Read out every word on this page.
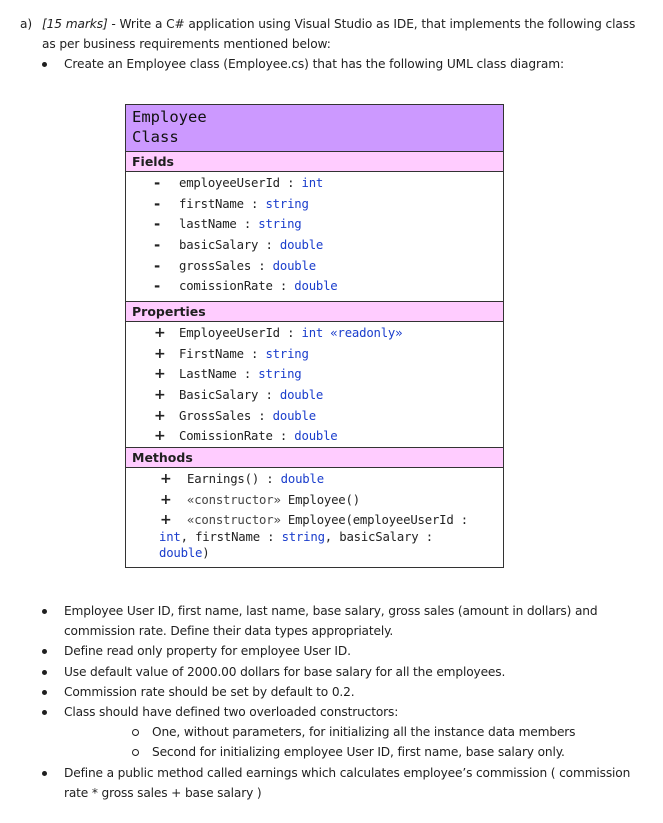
a) [15 marks] - Write a C# application using Visual Studio as IDE, that implements the following class
as per business requirements mentioned below:
Create an Employee class (Employee.cs) that has the following UML class diagram:
Employee
Class
Fields
- employeeUserId : int
- firstName : string
- lastName : string
- basicSalary : double
- grossSales : double
- comissionRate : double
Properties
+ EmployeeUserId : int «readonly»
+ FirstName : string
+ LastName : string
+ BasicSalary : double
+ GrossSales : double
+ ComissionRate : double
Methods
+ Earnings() : double
+ «constructor» Employee()
+ «constructor» Employee(employeeUserId :
int, firstName : string, basicSalary :
double)
Employee User ID, first name, last name, base salary, gross sales (amount in dollars) and
commission rate. Define their data types appropriately.
Define read only property for employee User ID.
Use default value of 2000.00 dollars for base salary for all the employees.
Commission rate should be set by default to 0.2.
Class should have defined two overloaded constructors:
One, without parameters, for initializing all the instance data members
Second for initializing employee User ID, first name, base salary only.
Define a public method called earnings which calculates employee’s commission ( commission
rate * gross sales + base salary )
